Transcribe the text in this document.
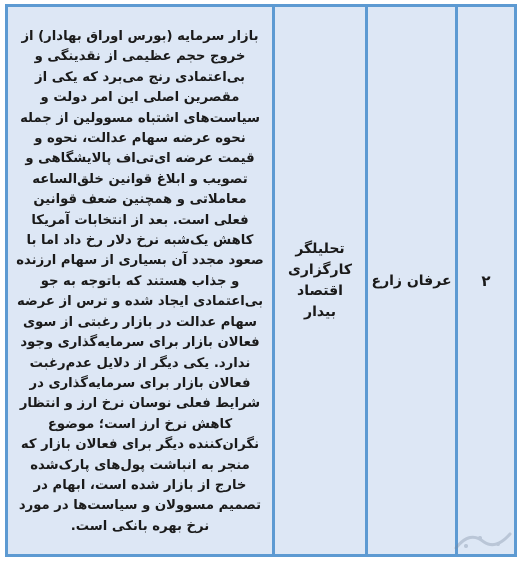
۲
عرفان زارع
تحلیلگر کارگزاری اقتصاد بیدار
بازار سرمایه (بورس اوراق بهادار) از خروج حجم عظیمی از نقدینگی و بی‌اعتمادی رنج می‌برد که یکی از مقصرین اصلی این امر دولت و سیاست‌های اشتباه مسوولین از جمله نحوه عرضه سهام عدالت، نحوه و قیمت عرضه ای‌تی‌اف پالایشگاهی و تصویب و ابلاغ قوانین خلق‌الساعه معاملاتی و همچنین ضعف قوانین فعلی است. بعد از انتخابات آمریکا کاهش یک‌شبه نرخ دلار رخ داد اما با صعود مجدد آن بسیاری از سهام ارزنده و جذاب هستند که باتوجه به جو بی‌اعتمادی ایجاد شده و ترس از عرضه سهام عدالت در بازار رغبتی از سوی فعالان بازار برای سرمایه‌گذاری وجود ندارد. یکی دیگر از دلایل عدم‌رغبت فعالان بازار برای سرمایه‌گذاری در شرایط فعلی نوسان نرخ ارز و انتظار کاهش نرخ ارز است؛ موضوع نگران‌کننده دیگر برای فعالان بازار که منجر به انباشت پول‌های پارک‌شده خارج از بازار شده است، ابهام در تصمیم مسوولان و سیاست‌ها در مورد نرخ بهره بانکی است.
